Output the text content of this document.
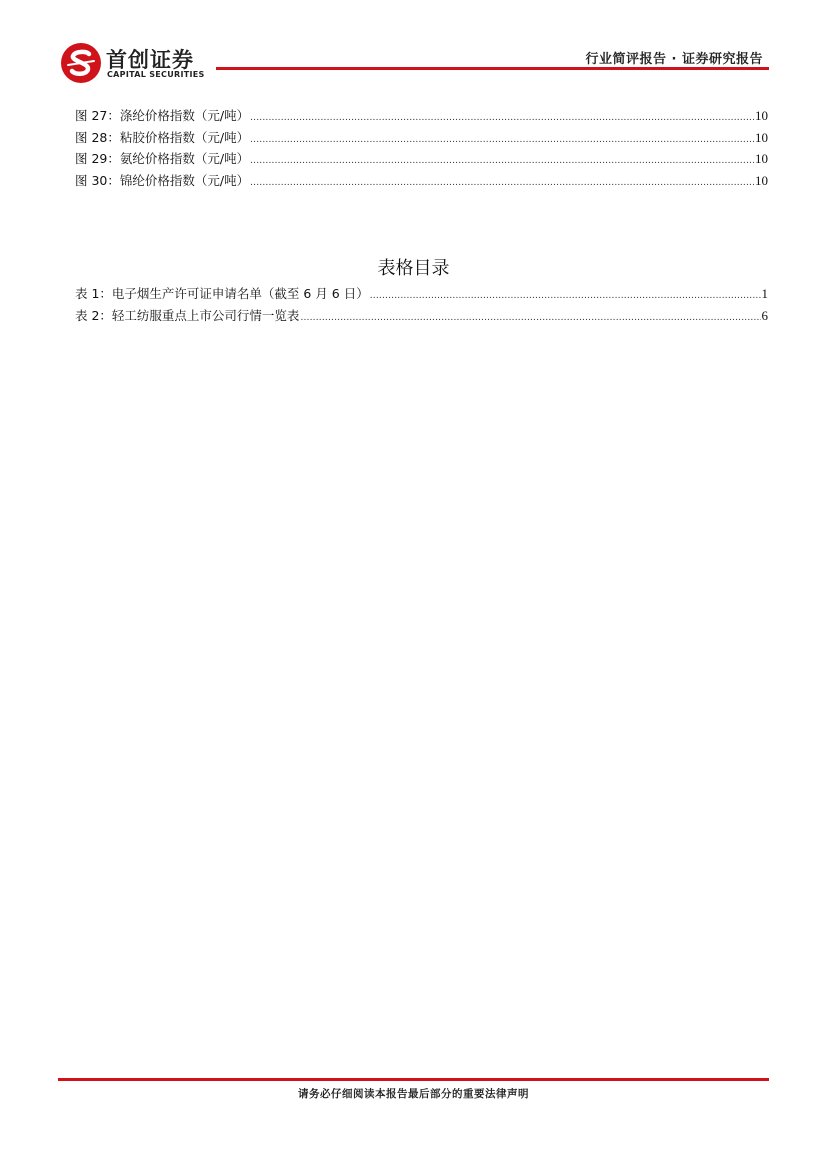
首创证券
CAPITAL SECURITIES
行业简评报告 · 证券研究报告
图 27：涤纶价格指数（元/吨） .....	10
图 28：粘胶价格指数（元/吨） .....	10
图 29：氨纶价格指数（元/吨） .....	10
图 30：锦纶价格指数（元/吨） .....	10
表格目录
表 1：电子烟生产许可证申请名单（截至 6 月 6 日） .....	1
表 2：轻工纺服重点上市公司行情一览表 .....	6
请务必仔细阅读本报告最后部分的重要法律声明
